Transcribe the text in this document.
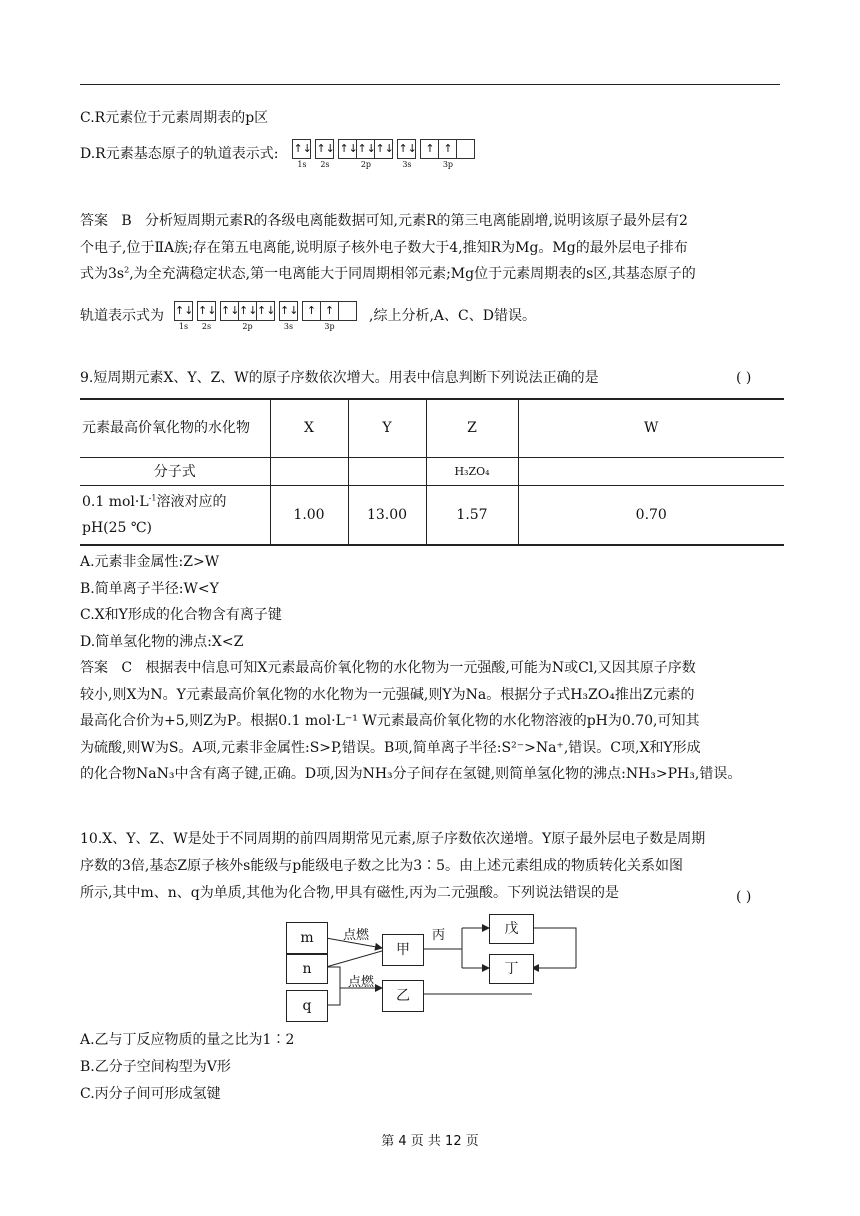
C.R元素位于元素周期表的p区
D.R元素基态原子的轨道表示式: ↑↓
1s
↑↓
2s
↑↓ ↑↓ ↑↓
2p
↑↓
3s
↑ ↑
3p
答案 B 分析短周期元素R的各级电离能数据可知,元素R的第三电离能剧增,说明该原子最外层有2
个电子,位于ⅡA族;存在第五电离能,说明原子核外电子数大于4,推知R为Mg。Mg的最外层电子排布
式为$3s^2$,为全充满稳定状态,第一电离能大于同周期相邻元素;Mg位于元素周期表的s区,其基态原子的
轨道表示式为 ↑↓
1s
↑↓
2s
↑↓ ↑↓ ↑↓
2p
↑↓
3s
↑ ↑
3p
,综上分析,A、C、D错误。
9.短周期元素X、Y、Z、W的原子序数依次增大。用表中信息判断下列说法正确的是	( )
元素最高价氧化物的水化物	X	Y	Z	W
分子式			H₃ZO₄	
0.1 $mol\cdot L^{-1}$溶液对应的
pH(25 ℃)	1.00	13.00	1.57	0.70
A.元素非金属性:Z>W
B.简单离子半径:W<Y
C.X和Y形成的化合物含有离子键
D.简单氢化物的沸点:X<Z
答案 C 根据表中信息可知X元素最高价氧化物的水化物为一元强酸,可能为N或Cl,又因其原子序数
较小,则X为N。Y元素最高价氧化物的水化物为一元强碱,则Y为Na。根据分子式H₃ZO₄推出Z元素的
最高化合价为+5,则Z为P。根据0.1 mol·L⁻¹ W元素最高价氧化物的水化物溶液的pH为0.70,可知其
为硫酸,则W为S。A项,元素非金属性:S>P,错误。B项,简单离子半径:S²⁻>Na⁺,错误。C项,X和Y形成
的化合物NaN₃中含有离子键,正确。D项,因为NH₃分子间存在氢键,则简单氢化物的沸点:NH₃>PH₃,错误。
10.X、Y、Z、W是处于不同周期的前四周期常见元素,原子序数依次递增。Y原子最外层电子数是周期
序数的3倍,基态Z原子核外s能级与p能级电子数之比为3∶5。由上述元素组成的物质转化关系如图
所示,其中m、n、q为单质,其他为化合物,甲具有磁性,丙为二元强酸。下列说法错误的是	( )
m
n
q
甲
乙
戊
丁
点燃
点燃
丙
A.乙与丁反应物质的量之比为1∶2
B.乙分子空间构型为V形
C.丙分子间可形成氢键
第 4 页 共 12 页
